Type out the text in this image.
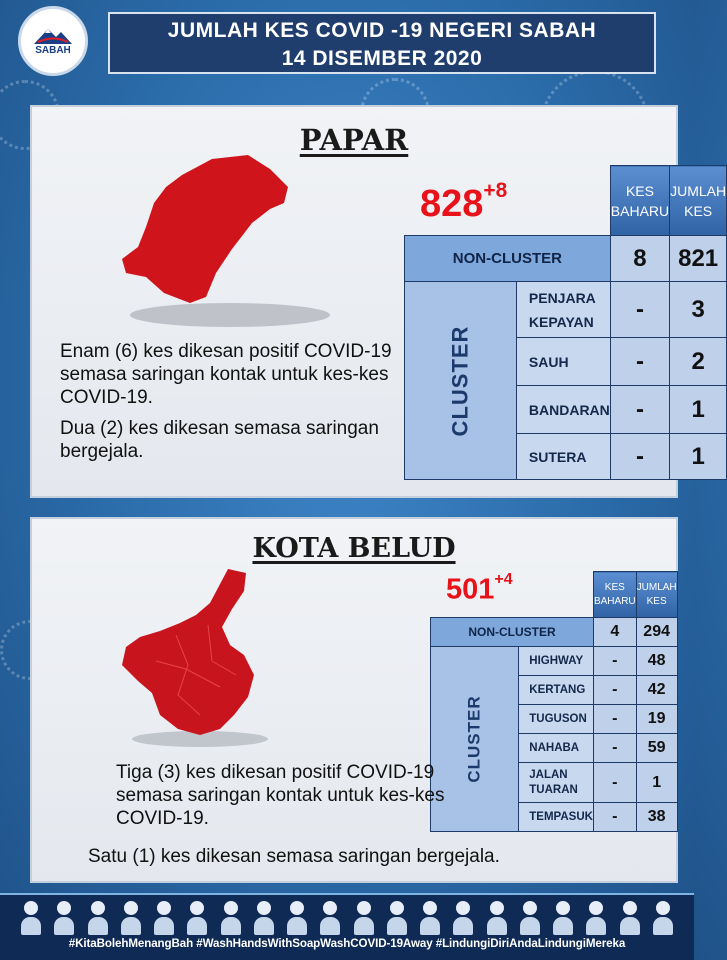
SABAH
JUMLAH KES COVID -19 NEGERI SABAH
14 DISEMBER 2020
PAPAR
$828^{+8}$
		KES BAHARU	JUMLAH KES
NON-CLUSTER		8	821
CLUSTER	PENJARA KEPAYAN	-	3
	SAUH	-	2
	BANDARAN	-	1
	SUTERA	-	1
Enam (6) kes dikesan positif COVID-19 semasa saringan kontak untuk kes-kes COVID-19.
Dua (2) kes dikesan semasa saringan bergejala.
KOTA BELUD
$501^{+4}$
		KES BAHARU	JUMLAH KES
NON-CLUSTER		4	294
CLUSTER	HIGHWAY	-	48
	KERTANG	-	42
	TUGUSON	-	19
	NAHABA	-	59
	JALAN TUARAN	-	1
	TEMPASUK	-	38
Tiga (3) kes dikesan positif COVID-19 semasa saringan kontak untuk kes-kes COVID-19.
Satu (1) kes dikesan semasa saringan bergejala.
#KitaBolehMenangBah #WashHandsWithSoapWashCOVID-19Away #LindungiDiriAndaLindungiMereka
